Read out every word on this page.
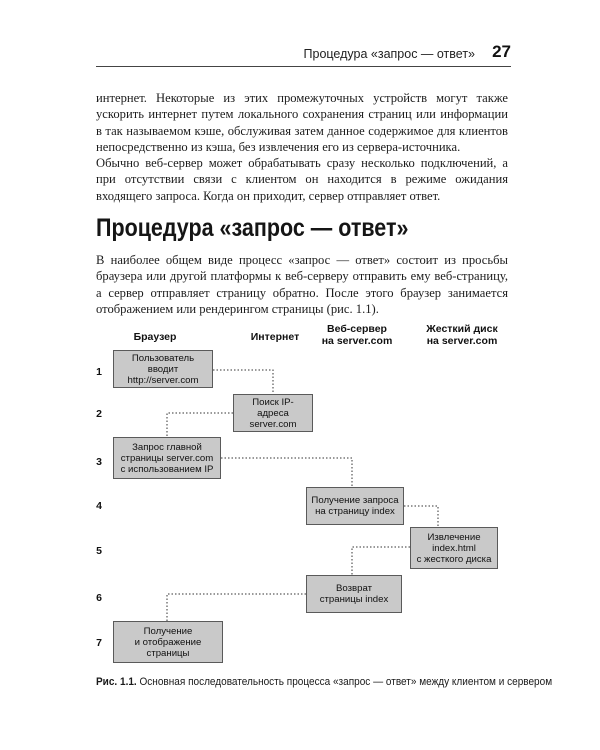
Процедура «запрос — ответ» 27

интернет. Некоторые из этих промежуточных устройств могут также ускорить интернет путем локального сохранения страниц или информации в так называемом кэше, обслуживая затем данное содержимое для клиентов непосредственно из кэша, без извлечения его из сервера-источника.

Обычно веб-сервер может обрабатывать сразу несколько подключений, а при отсутствии связи с клиентом он находится в режиме ожидания входящего запроса. Когда он приходит, сервер отправляет ответ.

Процедура «запрос — ответ»

В наиболее общем виде процесс «запрос — ответ» состоит из просьбы браузера или другой платформы к веб-серверу отправить ему веб-страницу, а сервер отправляет страницу обратно. После этого браузер занимается отображением или рендерингом страницы (рис. 1.1).

Браузер	Интернет
Веб-сервер
на server.com
Жесткий диск
на server.com
1
2
3
4
5
6
7
Пользователь вводит
http://server.com
Поиск IP-адреса
server.com
Запрос главной
страницы server.com
с использованием IP
Получение запроса
на страницу index
Извлечение
index.html
с жесткого диска
Возврат
страницы index
Получение
и отображение
страницы

Рис. 1.1. Основная последовательность процесса «запрос — ответ» между клиентом и сервером
